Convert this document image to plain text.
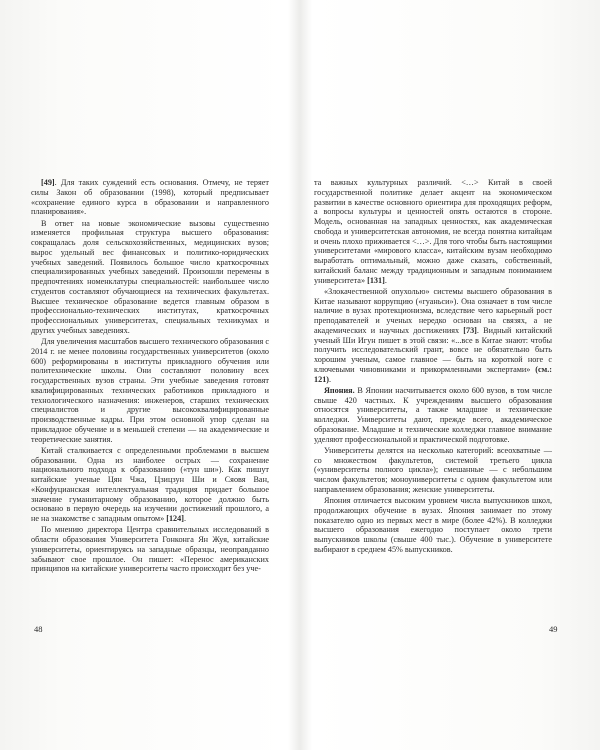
[49]. Для таких суждений есть основания. Отмечу, не теряет силы Закон об образовании (1998), который предписывает «сохранение единого курса в образовании и направленного планирования».

В ответ на новые экономические вызовы существенно изменяется профильная структура высшего образования: сокращалась доля сельскохозяйственных, медицинских вузов; вырос удельный вес финансовых и политико-юридических учебных заведений. Появилось большое число краткосрочных специализированных учебных заведений. Произошли перемены в предпочтениях номенклатуры специальностей: наибольшее число студентов составляют обучающиеся на технических факультетах. Высшее техническое образование ведется главным образом в профессионально-технических институтах, краткосрочных профессиональных университетах, специальных техникумах и других учебных заведениях.

Для увеличения масштабов высшего технического образования с 2014 г. не менее половины государственных университетов (около 600) реформированы в институты прикладного обучения или политехнические школы. Они составляют половину всех государственных вузов страны. Эти учебные заведения готовят квалифицированных технических работников прикладного и технологического назначения: инженеров, старших технических специалистов и другие высококвалифицированные производственные кадры. При этом основной упор сделан на прикладное обучение и в меньшей степени — на академические и теоретические занятия.

Китай сталкивается с определенными проблемами в высшем образовании. Одна из наиболее острых — сохранение национального подхода к образованию («тун ши»). Как пишут китайские ученые Цян Чжа, Цзицзун Ши и Сяовя Ван, «Конфуцианская интеллектуальная традиция придает большое значение гуманитарному образованию, которое должно быть основано в первую очередь на изучении достижений прошлого, а не на знакомстве с западным опытом» [124].

По мнению директора Центра сравнительных исследований в области образования Университета Гонконга Ян Жуя, китайские университеты, ориентируясь на западные образцы, неоправданно забывают свое прошлое. Он пишет: «Перенос американских принципов на китайские университеты часто происходит без уче-

та важных культурных различий. <…> Китай в своей государственной политике делает акцент на экономическом развитии в качестве основного ориентира для проходящих реформ, а вопросы культуры и ценностей опять остаются в стороне. Модель, основанная на западных ценностях, как академическая свобода и университетская автономия, не всегда понятна китайцам и очень плохо приживается <…>. Для того чтобы быть настоящими университетами «мирового класса», китайским вузам необходимо выработать оптимальный, можно даже сказать, собственный, китайский баланс между традиционным и западным пониманием университета» [131].

«Злокачественной опухолью» системы высшего образования в Китае называют коррупцию («гуаньси»). Она означает в том числе наличие в вузах протекционизма, вследствие чего карьерный рост преподавателей и ученых нередко основан на связях, а не академических и научных достижениях [73]. Видный китайский ученый Ши Игун пишет в этой связи: «...все в Китае знают: чтобы получить исследовательский грант, вовсе не обязательно быть хорошим ученым, самое главное — быть на короткой ноге с ключевыми чиновниками и прикормленными экспертами» (см.: 121).

Япония. В Японии насчитывается около 600 вузов, в том числе свыше 420 частных. К учреждениям высшего образования относятся университеты, а также младшие и технические колледжи. Университеты дают, прежде всего, академическое образование. Младшие и технические колледжи главное внимание уделяют профессиональной и практической подготовке.

Университеты делятся на несколько категорий: всеохватные — со множеством факультетов, системой третьего цикла («университеты полного цикла»); смешанные — с небольшим числом факультетов; моноуниверситеты с одним факультетом или направлением образования; женские университеты.

Япония отличается высоким уровнем числа выпускников школ, продолжающих обучение в вузах. Япония занимает по этому показателю одно из первых мест в мире (более 42%). В колледжи высшего образования ежегодно поступает около трети выпускников школы (свыше 400 тыс.). Обучение в университете выбирают в среднем 45% выпускников.

48	49
